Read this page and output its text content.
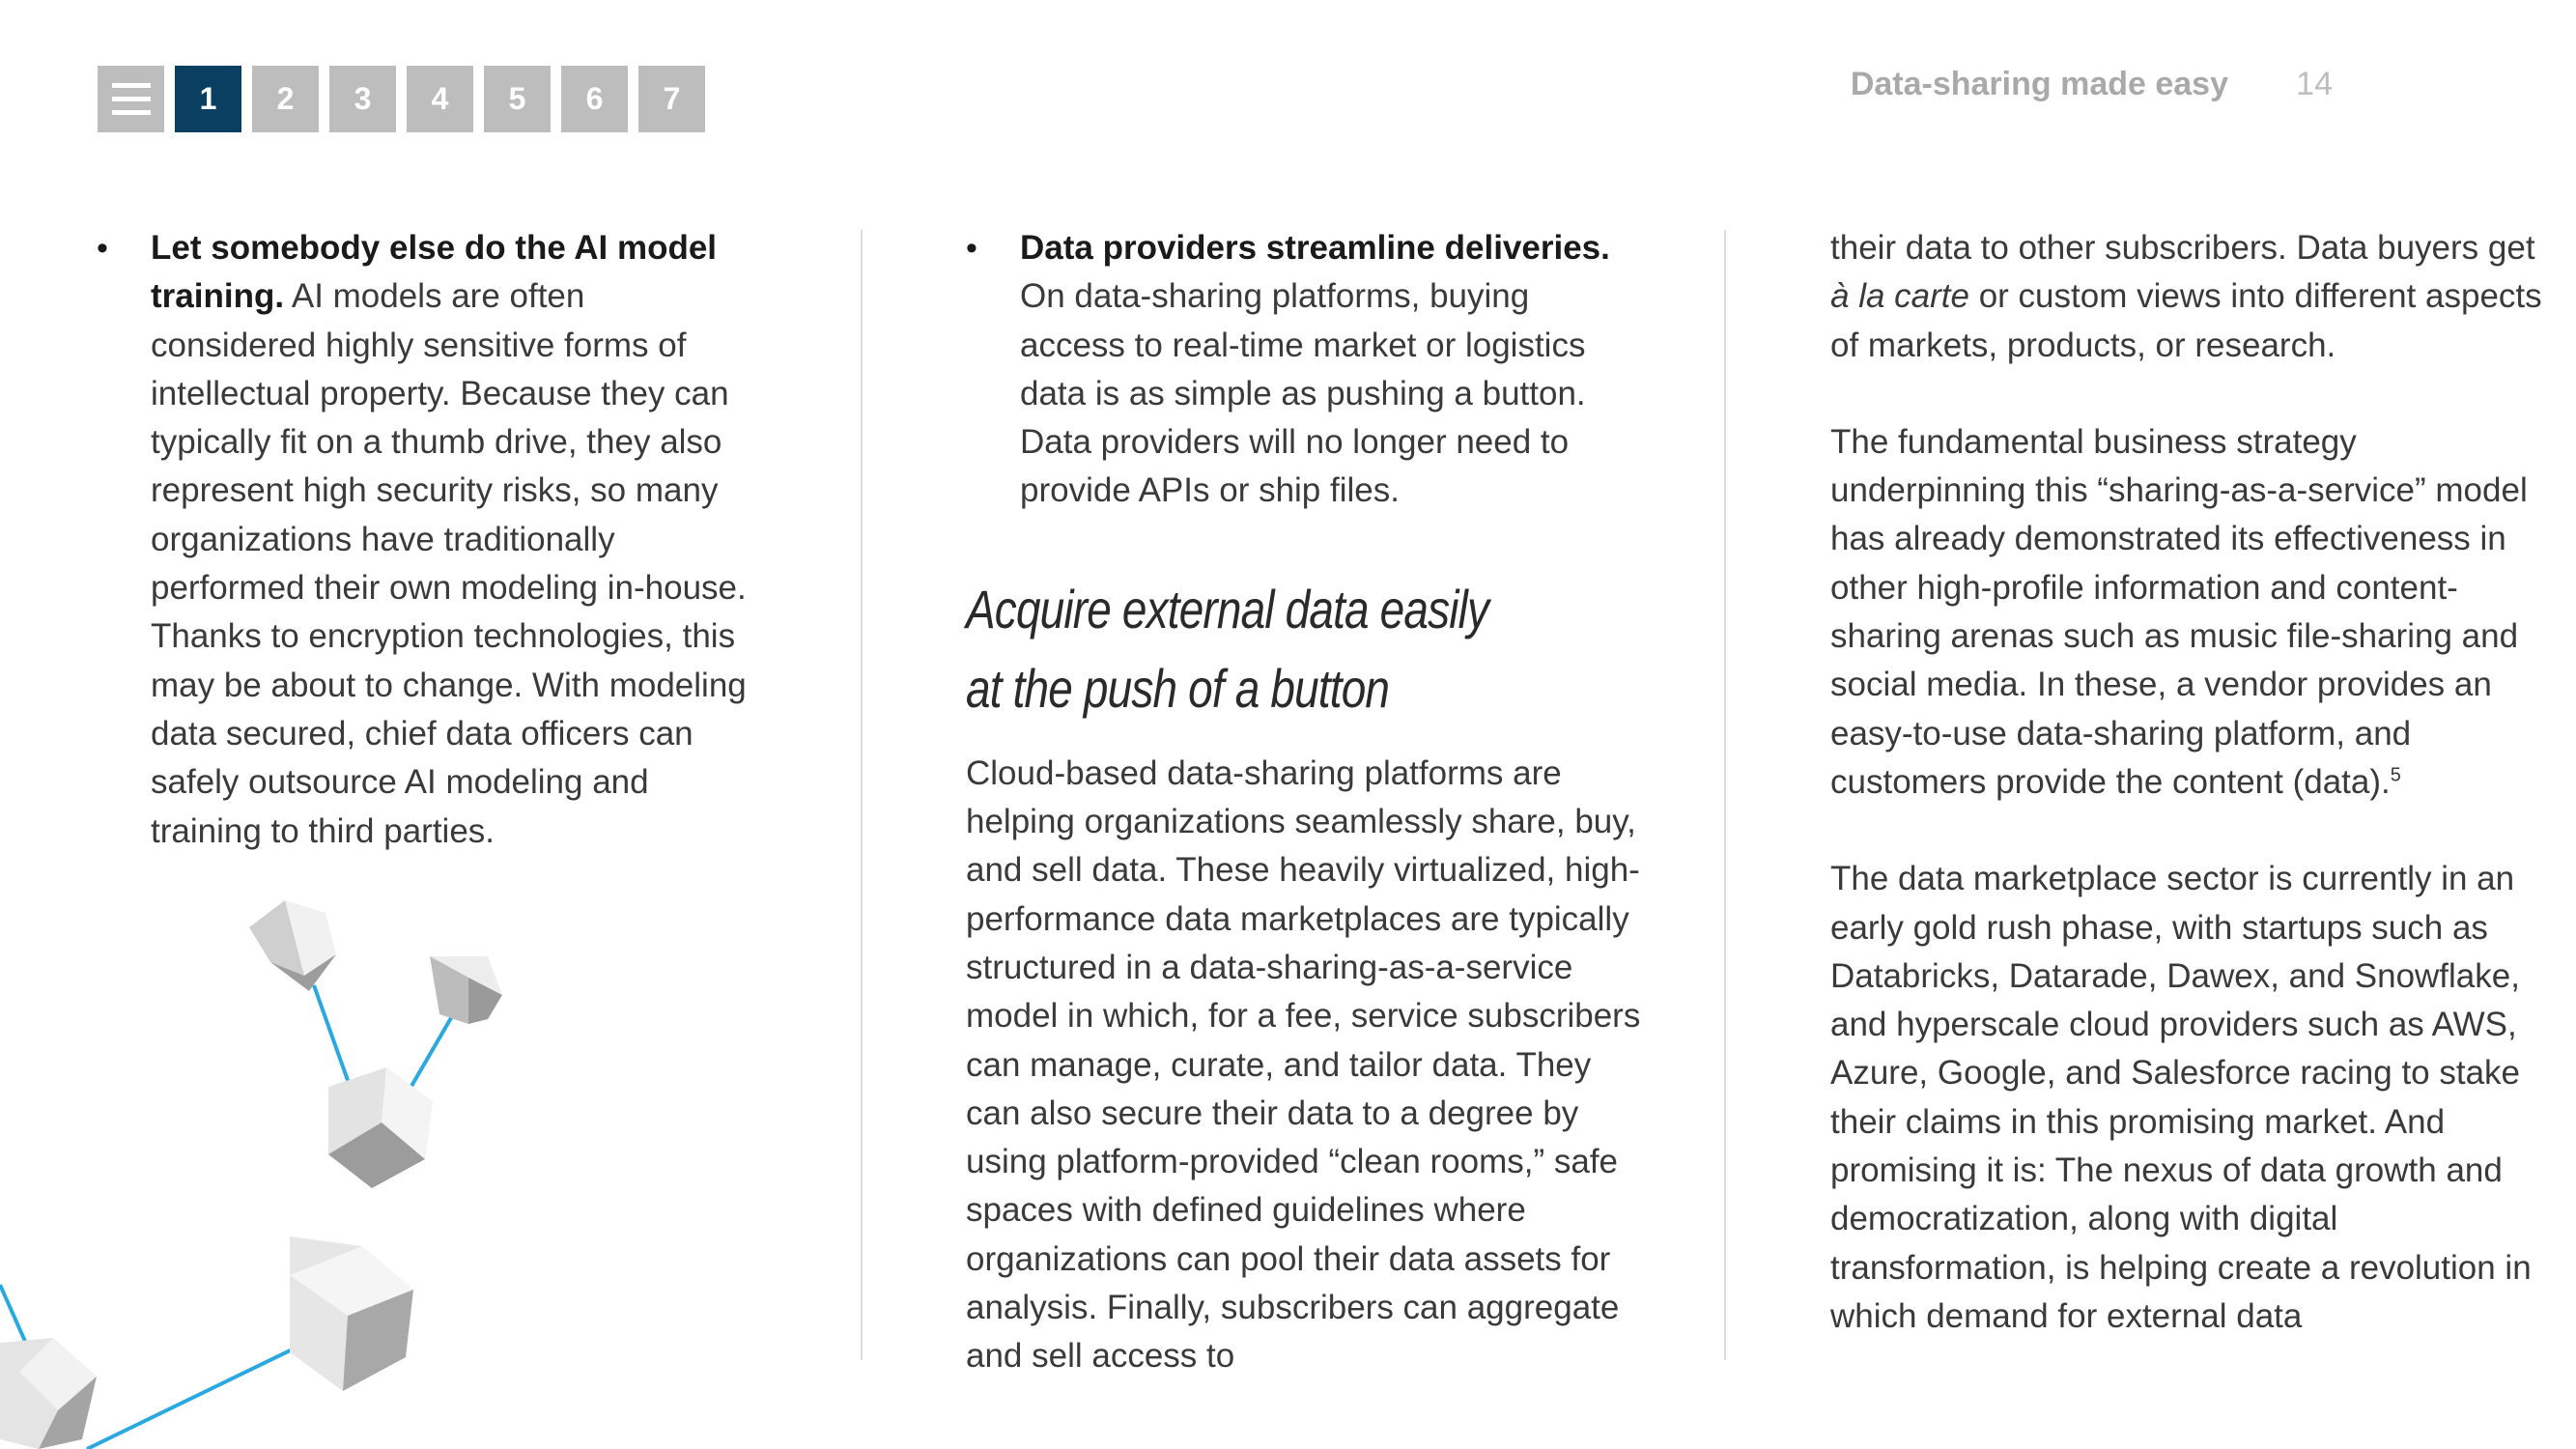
1	2	3	4	5	6	7	Data-sharing made easy 14
• Let somebody else do the AI model training. AI models are often considered highly sensitive forms of intellectual property. Because they can typically fit on a thumb drive, they also represent high security risks, so many organizations have traditionally performed their own modeling in-house. Thanks to encryption technologies, this may be about to change. With modeling data secured, chief data officers can safely outsource AI modeling and training to third parties.

• Data providers streamline deliveries. On data-sharing platforms, buying access to real-time market or logistics data is as simple as pushing a button. Data providers will no longer need to provide APIs or ship files.

Acquire external data easily
at the push of a button

Cloud-based data-sharing platforms are helping organizations seamlessly share, buy, and sell data. These heavily virtualized, high-performance data marketplaces are typically structured in a data-sharing-as-a-service model in which, for a fee, service subscribers can manage, curate, and tailor data. They can also secure their data to a degree by using platform-provided “clean rooms,” safe spaces with defined guidelines where organizations can pool their data assets for analysis. Finally, subscribers can aggregate and sell access to

their data to other subscribers. Data buyers get à la carte or custom views into different aspects of markets, products, or research.

The fundamental business strategy underpinning this “sharing-as-a-service” model has already demonstrated its effectiveness in other high-profile information and content-sharing arenas such as music file-sharing and social media. In these, a vendor provides an easy-to-use data-sharing platform, and customers provide the content (data).$^5$

The data marketplace sector is currently in an early gold rush phase, with startups such as Databricks, Datarade, Dawex, and Snowflake, and hyperscale cloud providers such as AWS, Azure, Google, and Salesforce racing to stake their claims in this promising market. And promising it is: The nexus of data growth and democratization, along with digital transformation, is helping create a revolution in which demand for external data
